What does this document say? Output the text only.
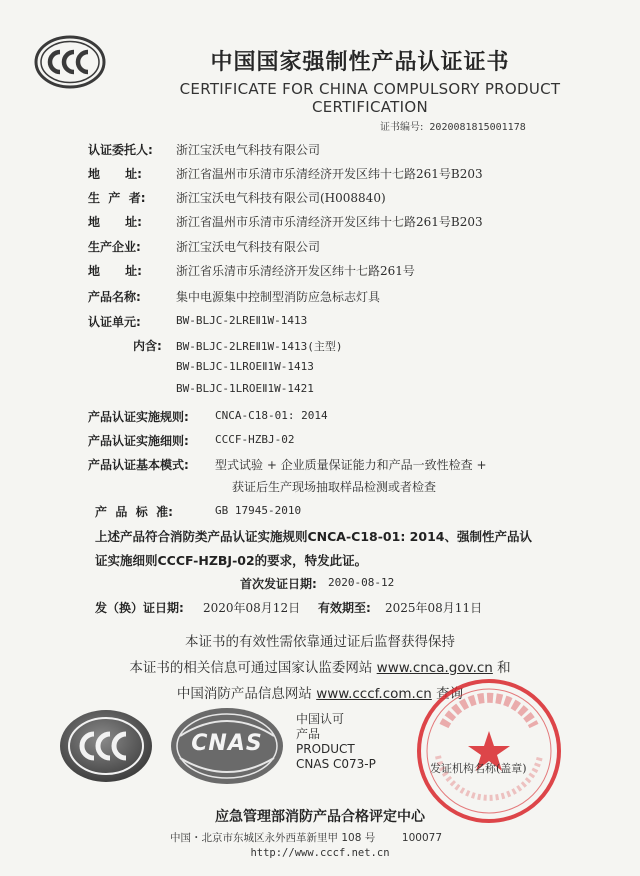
中国国家强制性产品认证证书
CERTIFICATE FOR CHINA COMPULSORY PRODUCT CERTIFICATION
证书编号: 2020081815001178
认证委托人: 浙江宝沃电气科技有限公司
地      址:	浙江省温州市乐清市乐清经济开发区纬十七路261号B203
生  产  者:	浙江宝沃电气科技有限公司(H008840)
地      址:	浙江省温州市乐清市乐清经济开发区纬十七路261号B203
生产企业:	浙江宝沃电气科技有限公司
地      址:	浙江省乐清市乐清经济开发区纬十七路261号
产品名称:	集中电源集中控制型消防应急标志灯具
认证单元:	BW-BLJC-2LREⅡ1W-1413
内含: BW-BLJC-2LREⅡ1W-1413(主型)
BW-BLJC-1LROEⅡ1W-1413
BW-BLJC-1LROEⅡ1W-1421
产品认证实施规则: CNCA-C18-01: 2014
产品认证实施细则: CCCF-HZBJ-02
产品认证基本模式: 型式试验 + 企业质量保证能力和产品一致性检查 +
获证后生产现场抽取样品检测或者检查
产  品  标  准:	GB 17945-2010
上述产品符合消防类产品认证实施规则CNCA-C18-01: 2014、强制性产品认
证实施细则CCCF-HZBJ-02的要求，特发此证。
首次发证日期: 2020-08-12
发（换）证日期: 2020年08月12日 有效期至: 2025年08月11日
本证书的有效性需依靠通过证后监督获得保持
本证书的相关信息可通过国家认监委网站 www.cnca.gov.cn 和
中国消防产品信息网站 www.cccf.com.cn 查询
CNAS
中国认可
产品
PRODUCT
CNAS C073-P	发证机构名称(盖章)
应急管理部消防产品合格评定中心
中国・北京市东城区永外西革新里甲 108 号        100077
http://www.cccf.net.cn
